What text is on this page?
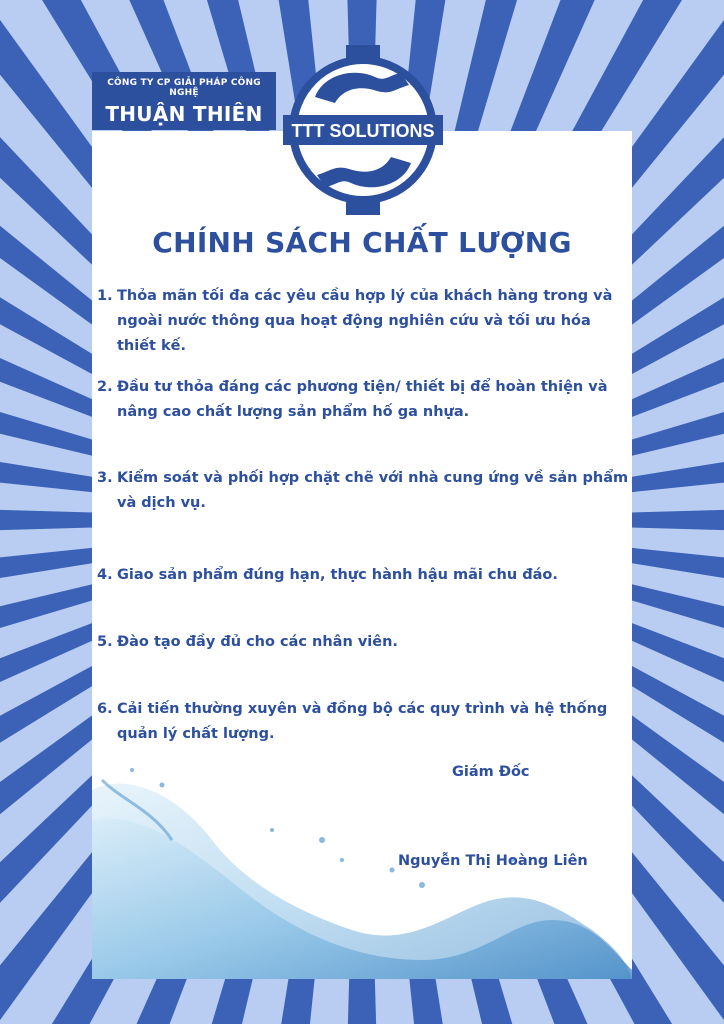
CÔNG TY CP GIẢI PHÁP CÔNG NGHỆ
THUẬN THIÊN
TTT SOLUTIONS
CHÍNH SÁCH CHẤT LƯỢNG
1. Thỏa mãn tối đa các yêu cầu hợp lý của khách hàng trong và ngoài nước thông qua hoạt động nghiên cứu và tối ưu hóa thiết kế.
2. Đầu tư thỏa đáng các phương tiện/ thiết bị để hoàn thiện và nâng cao chất lượng sản phẩm hố ga nhựa.
3. Kiểm soát và phối hợp chặt chẽ với nhà cung ứng về sản phẩm và dịch vụ.
4. Giao sản phẩm đúng hạn, thực hành hậu mãi chu đáo.
5. Đào tạo đầy đủ cho các nhân viên.
6. Cải tiến thường xuyên và đồng bộ các quy trình và hệ thống quản lý chất lượng.
Giám Đốc
Nguyễn Thị Hoàng Liên
